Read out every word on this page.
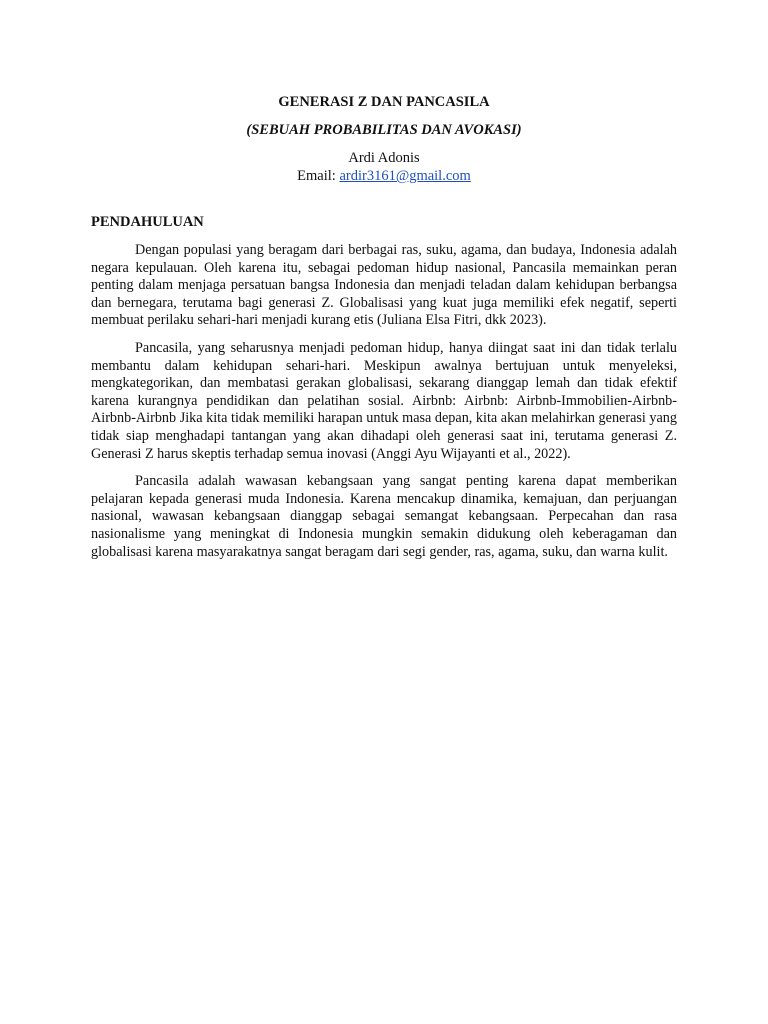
GENERASI Z DAN PANCASILA

(SEBUAH PROBABILITAS DAN AVOKASI)

Ardi Adonis

Email: ardir3161@gmail.com

PENDAHULUAN

Dengan populasi yang beragam dari berbagai ras, suku, agama, dan budaya, Indonesia adalah negara kepulauan. Oleh karena itu, sebagai pedoman hidup nasional, Pancasila memainkan peran penting dalam menjaga persatuan bangsa Indonesia dan menjadi teladan dalam kehidupan berbangsa dan bernegara, terutama bagi generasi Z. Globalisasi yang kuat juga memiliki efek negatif, seperti membuat perilaku sehari-hari menjadi kurang etis (Juliana Elsa Fitri, dkk 2023).

Pancasila, yang seharusnya menjadi pedoman hidup, hanya diingat saat ini dan tidak terlalu membantu dalam kehidupan sehari-hari. Meskipun awalnya bertujuan untuk menyeleksi, mengkategorikan, dan membatasi gerakan globalisasi, sekarang dianggap lemah dan tidak efektif karena kurangnya pendidikan dan pelatihan sosial. Airbnb: Airbnb: Airbnb-Immobilien-Airbnb-Airbnb-Airbnb Jika kita tidak memiliki harapan untuk masa depan, kita akan melahirkan generasi yang tidak siap menghadapi tantangan yang akan dihadapi oleh generasi saat ini, terutama generasi Z. Generasi Z harus skeptis terhadap semua inovasi (Anggi Ayu Wijayanti et al., 2022).

Pancasila adalah wawasan kebangsaan yang sangat penting karena dapat memberikan pelajaran kepada generasi muda Indonesia. Karena mencakup dinamika, kemajuan, dan perjuangan nasional, wawasan kebangsaan dianggap sebagai semangat kebangsaan. Perpecahan dan rasa nasionalisme yang meningkat di Indonesia mungkin semakin didukung oleh keberagaman dan globalisasi karena masyarakatnya sangat beragam dari segi gender, ras, agama, suku, dan warna kulit.
